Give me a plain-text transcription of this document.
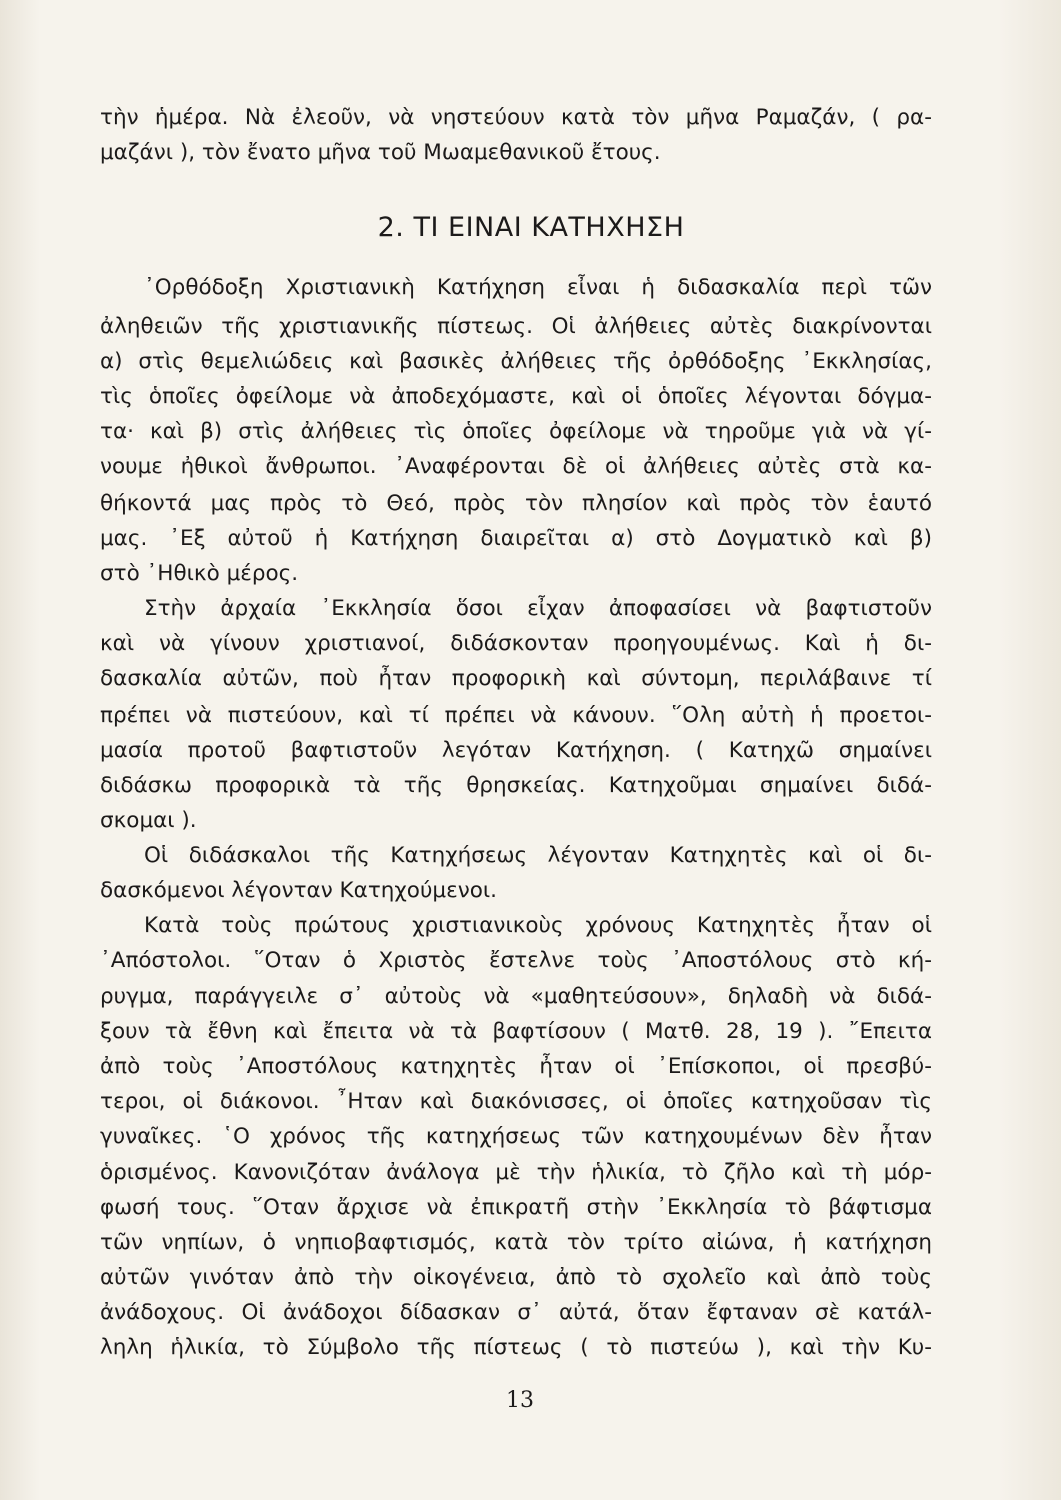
τὴν ἡμέρα. Νὰ ἐλεοῦν, νὰ νηστεύουν κατὰ τὸν μῆνα Ραμαζάν, ( ρα-
μαζάνι ), τὸν ἔνατο μῆνα τοῦ Μωαμεθανικοῦ ἔτους.
2. ΤΙ ΕΙΝΑΙ ΚΑΤΗΧΗΣΗ
᾽Ορθόδοξη Χριστιανικὴ Κατήχηση εἶναι ἡ διδασκαλία περὶ τῶν
ἀληθειῶν τῆς χριστιανικῆς πίστεως. Οἱ ἀλήθειες αὐτὲς διακρίνονται
α) στὶς θεμελιώδεις καὶ βασικὲς ἀλήθειες τῆς ὀρθόδοξης ᾽Εκκλησίας,
τὶς ὁποῖες ὀφείλομε νὰ ἀποδεχόμαστε, καὶ οἱ ὁποῖες λέγονται δόγμα-
τα· καὶ β) στὶς ἀλήθειες τὶς ὁποῖες ὀφείλομε νὰ τηροῦμε γιὰ νὰ γί-
νουμε ἠθικοὶ ἄνθρωποι. ᾽Αναφέρονται δὲ οἱ ἀλήθειες αὐτὲς στὰ κα-
θήκοντά μας πρὸς τὸ Θεό, πρὸς τὸν πλησίον καὶ πρὸς τὸν ἑαυτό
μας. ᾽Εξ αὐτοῦ ἡ Κατήχηση διαιρεῖται α) στὸ Δογματικὸ καὶ β)
στὸ ᾽Ηθικὸ μέρος.
Στὴν ἀρχαία ᾽Εκκλησία ὅσοι εἶχαν ἀποφασίσει νὰ βαφτιστοῦν
καὶ νὰ γίνουν χριστιανοί, διδάσκονταν προηγουμένως. Καὶ ἡ δι-
δασκαλία αὐτῶν, ποὺ ἦταν προφορικὴ καὶ σύντομη, περιλάβαινε τί
πρέπει νὰ πιστεύουν, καὶ τί πρέπει νὰ κάνουν. ῞Ολη αὐτὴ ἡ προετοι-
μασία προτοῦ βαφτιστοῦν λεγόταν Κατήχηση. ( Κατηχῶ σημαίνει
διδάσκω προφορικὰ τὰ τῆς θρησκείας. Κατηχοῦμαι σημαίνει διδά-
σκομαι ).
Οἱ διδάσκαλοι τῆς Κατηχήσεως λέγονταν Κατηχητὲς καὶ οἱ δι-
δασκόμενοι λέγονταν Κατηχούμενοι.
Κατὰ τοὺς πρώτους χριστιανικοὺς χρόνους Κατηχητὲς ἦταν οἱ
᾽Απόστολοι. ῞Οταν ὁ Χριστὸς ἔστελνε τοὺς ᾽Αποστόλους στὸ κή-
ρυγμα, παράγγειλε σ᾽ αὐτοὺς νὰ «μαθητεύσουν», δηλαδὴ νὰ διδά-
ξουν τὰ ἔθνη καὶ ἔπειτα νὰ τὰ βαφτίσουν ( Ματθ. 28, 19 ). ῎Επειτα
ἀπὸ τοὺς ᾽Αποστόλους κατηχητὲς ἦταν οἱ ᾽Επίσκοποι, οἱ πρεσβύ-
τεροι, οἱ διάκονοι. ῏Ηταν καὶ διακόνισσες, οἱ ὁποῖες κατηχοῦσαν τὶς
γυναῖκες. ῾Ο χρόνος τῆς κατηχήσεως τῶν κατηχουμένων δὲν ἦταν
ὁρισμένος. Κανονιζόταν ἀνάλογα μὲ τὴν ἡλικία, τὸ ζῆλο καὶ τὴ μόρ-
φωσή τους. ῞Οταν ἄρχισε νὰ ἐπικρατῆ στὴν ᾽Εκκλησία τὸ βάφτισμα
τῶν νηπίων, ὁ νηπιοβαφτισμός, κατὰ τὸν τρίτο αἰώνα, ἡ κατήχηση
αὐτῶν γινόταν ἀπὸ τὴν οἰκογένεια, ἀπὸ τὸ σχολεῖο καὶ ἀπὸ τοὺς
ἀνάδοχους. Οἱ ἀνάδοχοι δίδασκαν σ᾽ αὐτά, ὅταν ἔφταναν σὲ κατάλ-
ληλη ἡλικία, τὸ Σύμβολο τῆς πίστεως ( τὸ πιστεύω ), καὶ τὴν Κυ-
13
